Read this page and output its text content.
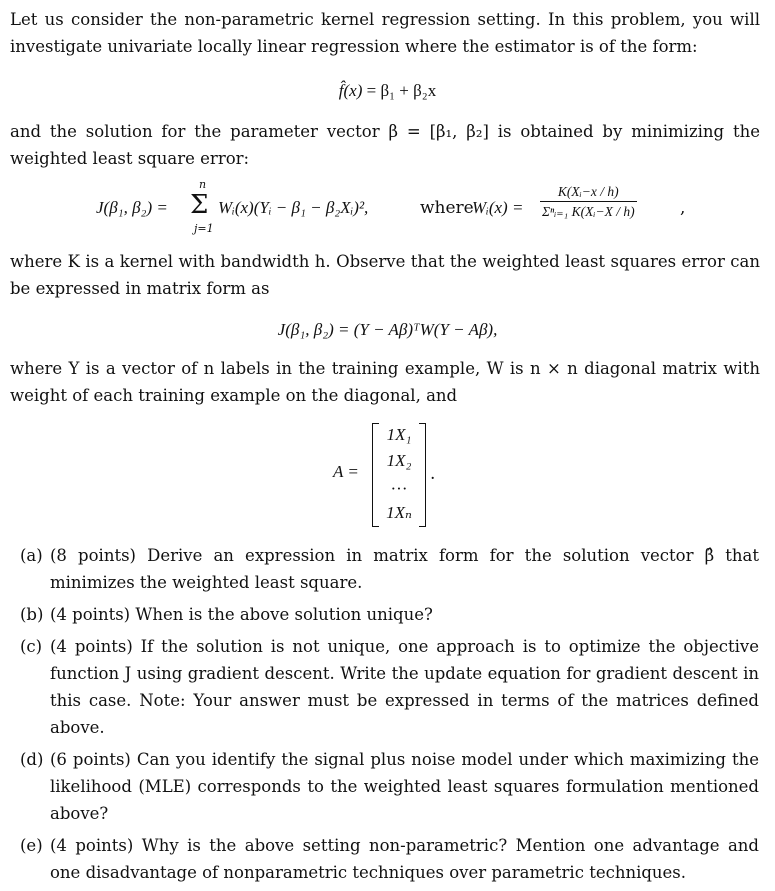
Let us consider the non-parametric kernel regression setting. In this problem, you will investigate univariate locally linear regression where the estimator is of the form:
f̂(x) = β₁ + β₂x
and the solution for the parameter vector β = [β₁, β₂] is obtained by minimizing the weighted least square error:
J(β₁, β₂) =
n
Σ
j=1
Wᵢ(x)(Yᵢ − β₁ − β₂Xᵢ)²,	where
Wᵢ(x) =
K(Xᵢ−x / h)
Σⁿᵢ₌₁ K(Xᵢ−X / h)	,
where K is a kernel with bandwidth h. Observe that the weighted least squares error can be expressed in matrix form as
J(β₁, β₂) = (Y − Aβ)ᵀW(Y − Aβ),
where Y is a vector of n labels in the training example, W is n × n diagonal matrix with weight of each training example on the diagonal, and
A =
1X₁
1X₂
···
1Xₙ
.
(a) (8 points) Derive an expression in matrix form for the solution vector β̂ that minimizes the weighted least square.
(b) (4 points) When is the above solution unique?
(c) (4 points) If the solution is not unique, one approach is to optimize the objective function J using gradient descent. Write the update equation for gradient descent in this case. Note: Your answer must be expressed in terms of the matrices defined above.
(d) (6 points) Can you identify the signal plus noise model under which maximizing the likelihood (MLE) corresponds to the weighted least squares formulation mentioned above?
(e) (4 points) Why is the above setting non-parametric? Mention one advantage and one disadvantage of nonparametric techniques over parametric techniques.
